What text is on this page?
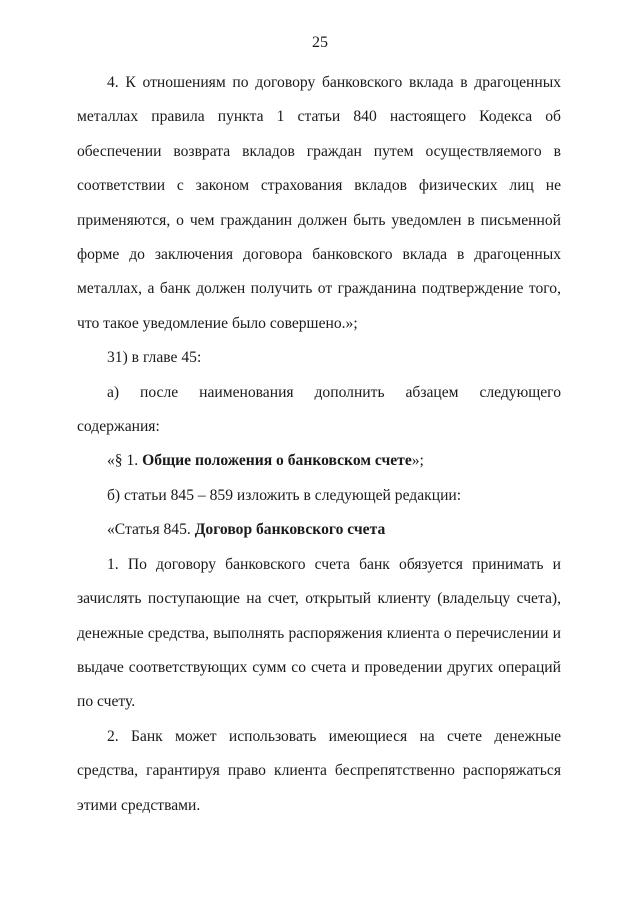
25

4. К отношениям по договору банковского вклада в драгоценных металлах правила пункта 1 статьи 840 настоящего Кодекса об обеспечении возврата вкладов граждан путем осуществляемого в соответствии с законом страхования вкладов физических лиц не применяются, о чем гражданин должен быть уведомлен в письменной форме до заключения договора банковского вклада в драгоценных металлах, а банк должен получить от гражданина подтверждение того, что такое уведомление было совершено.»;

31) в главе 45:

а) после наименования дополнить абзацем следующего содержания:

«§ 1. Общие положения о банковском счете»;

б) статьи 845 – 859 изложить в следующей редакции:

«Статья 845. Договор банковского счета

1. По договору банковского счета банк обязуется принимать и зачислять поступающие на счет, открытый клиенту (владельцу счета), денежные средства, выполнять распоряжения клиента о перечислении и выдаче соответствующих сумм со счета и проведении других операций по счету.

2. Банк может использовать имеющиеся на счете денежные средства, гарантируя право клиента беспрепятственно распоряжаться этими средствами.
